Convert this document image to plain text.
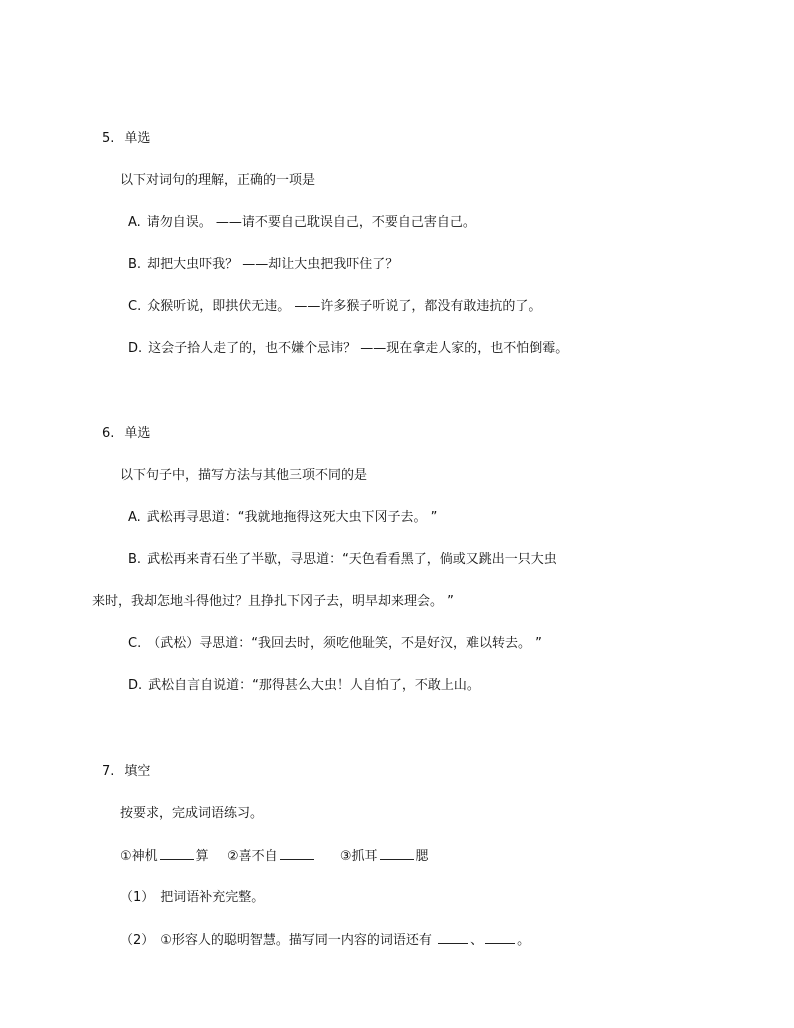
5. 单选
以下对词句的理解，正确的一项是
A. 请勿自误。 ——请不要自己耽误自己，不要自己害自己。
B. 却把大虫吓我？ ——却让大虫把我吓住了？
C. 众猴听说，即拱伏无违。 ——许多猴子听说了，都没有敢违抗的了。
D. 这会子拾人走了的，也不嫌个忌讳？ ——现在拿走人家的，也不怕倒霉。
6. 单选
以下句子中，描写方法与其他三项不同的是
A. 武松再寻思道：“我就地拖得这死大虫下冈子去。 ”
B. 武松再来青石坐了半歇，寻思道：“天色看看黑了，倘或又跳出一只大虫
来时，我却怎地斗得他过？且挣扎下冈子去，明早却来理会。 ”
C. （武松）寻思道：“我回去时，须吃他耻笑，不是好汉，难以转去。 ”
D. 武松自言自说道：“那得甚么大虫！人自怕了，不敢上山。
7. 填空
按要求，完成词语练习。
①神机	算 ②喜不自	③抓耳	腮
（1） 把词语补充完整。
（2） ①形容人的聪明智慧。描写同一内容的词语还有	、	。
